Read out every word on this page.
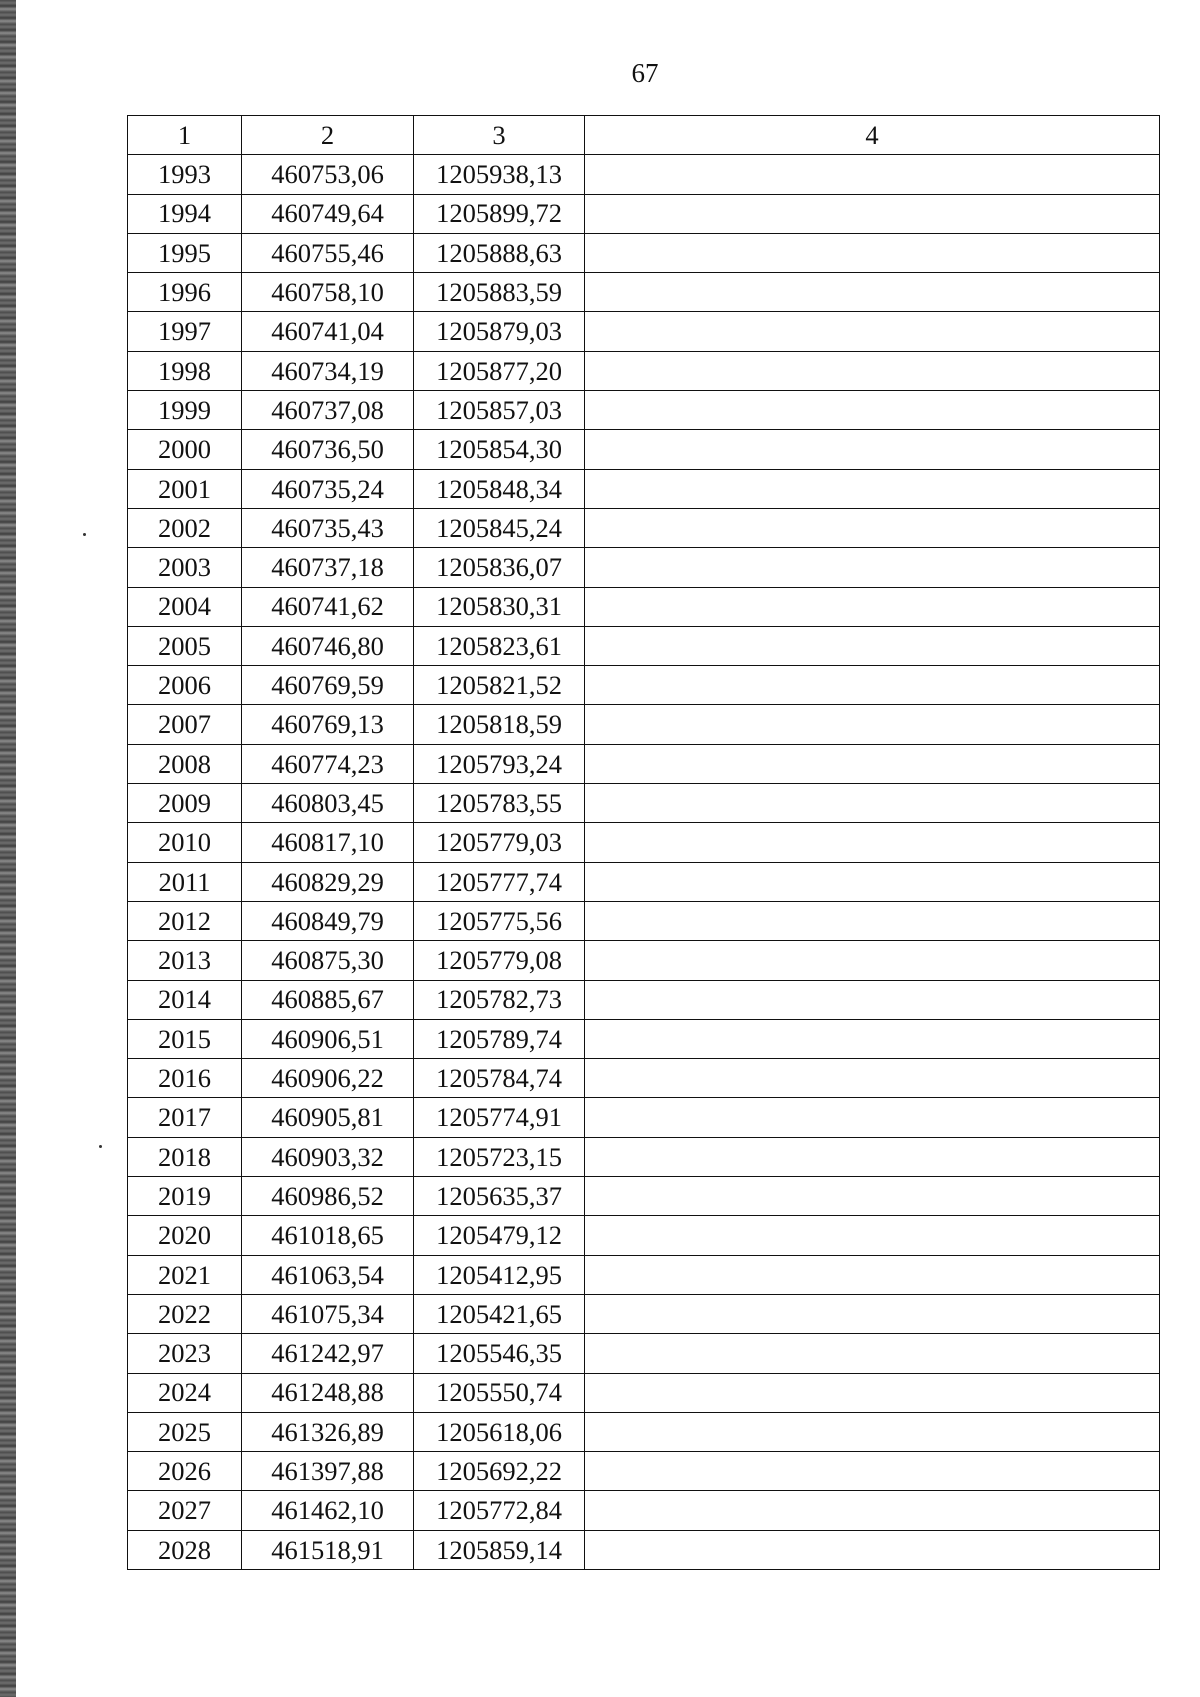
67
1	2	3	4
1993	460753,06	1205938,13	
1994	460749,64	1205899,72	
1995	460755,46	1205888,63	
1996	460758,10	1205883,59	
1997	460741,04	1205879,03	
1998	460734,19	1205877,20	
1999	460737,08	1205857,03	
2000	460736,50	1205854,30	
2001	460735,24	1205848,34	
2002	460735,43	1205845,24	
2003	460737,18	1205836,07	
2004	460741,62	1205830,31	
2005	460746,80	1205823,61	
2006	460769,59	1205821,52	
2007	460769,13	1205818,59	
2008	460774,23	1205793,24	
2009	460803,45	1205783,55	
2010	460817,10	1205779,03	
2011	460829,29	1205777,74	
2012	460849,79	1205775,56	
2013	460875,30	1205779,08	
2014	460885,67	1205782,73	
2015	460906,51	1205789,74	
2016	460906,22	1205784,74	
2017	460905,81	1205774,91	
2018	460903,32	1205723,15	
2019	460986,52	1205635,37	
2020	461018,65	1205479,12	
2021	461063,54	1205412,95	
2022	461075,34	1205421,65	
2023	461242,97	1205546,35	
2024	461248,88	1205550,74	
2025	461326,89	1205618,06	
2026	461397,88	1205692,22	
2027	461462,10	1205772,84	
2028	461518,91	1205859,14	
